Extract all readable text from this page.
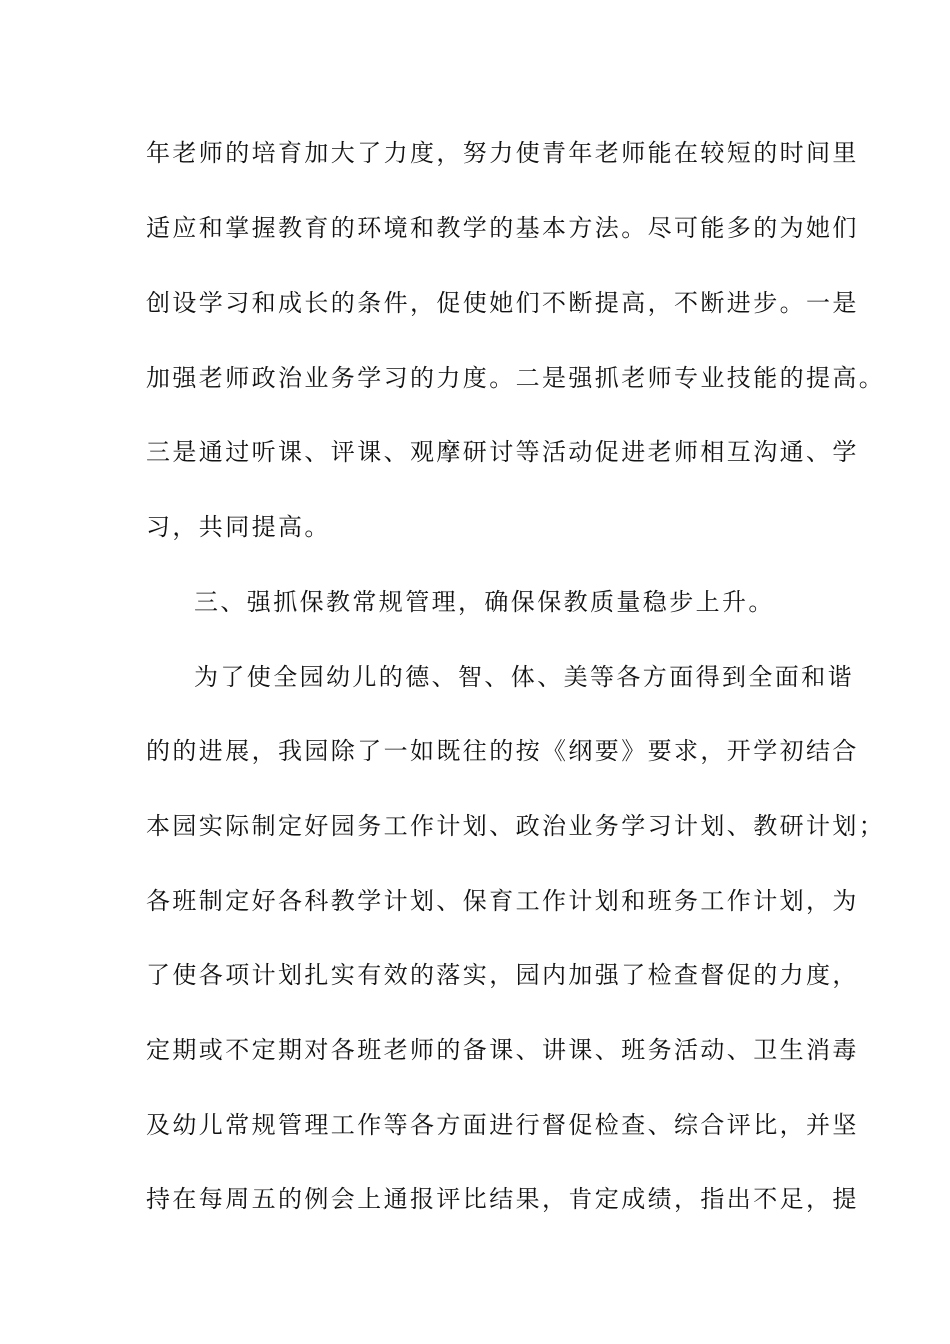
年老师的培育加大了力度，努力使青年老师能在较短的时间里
适应和掌握教育的环境和教学的基本方法。尽可能多的为她们
创设学习和成长的条件，促使她们不断提高，不断进步。一是
加强老师政治业务学习的力度。二是强抓老师专业技能的提高。
三是通过听课、评课、观摩研讨等活动促进老师相互沟通、学
习，共同提高。
三、强抓保教常规管理，确保保教质量稳步上升。
为了使全园幼儿的德、智、体、美等各方面得到全面和谐
的的进展，我园除了一如既往的按《纲要》要求，开学初结合
本园实际制定好园务工作计划、政治业务学习计划、教研计划；
各班制定好各科教学计划、保育工作计划和班务工作计划，为
了使各项计划扎实有效的落实，园内加强了检查督促的力度，
定期或不定期对各班老师的备课、讲课、班务活动、卫生消毒
及幼儿常规管理工作等各方面进行督促检查、综合评比，并坚
持在每周五的例会上通报评比结果，肯定成绩，指出不足，提
